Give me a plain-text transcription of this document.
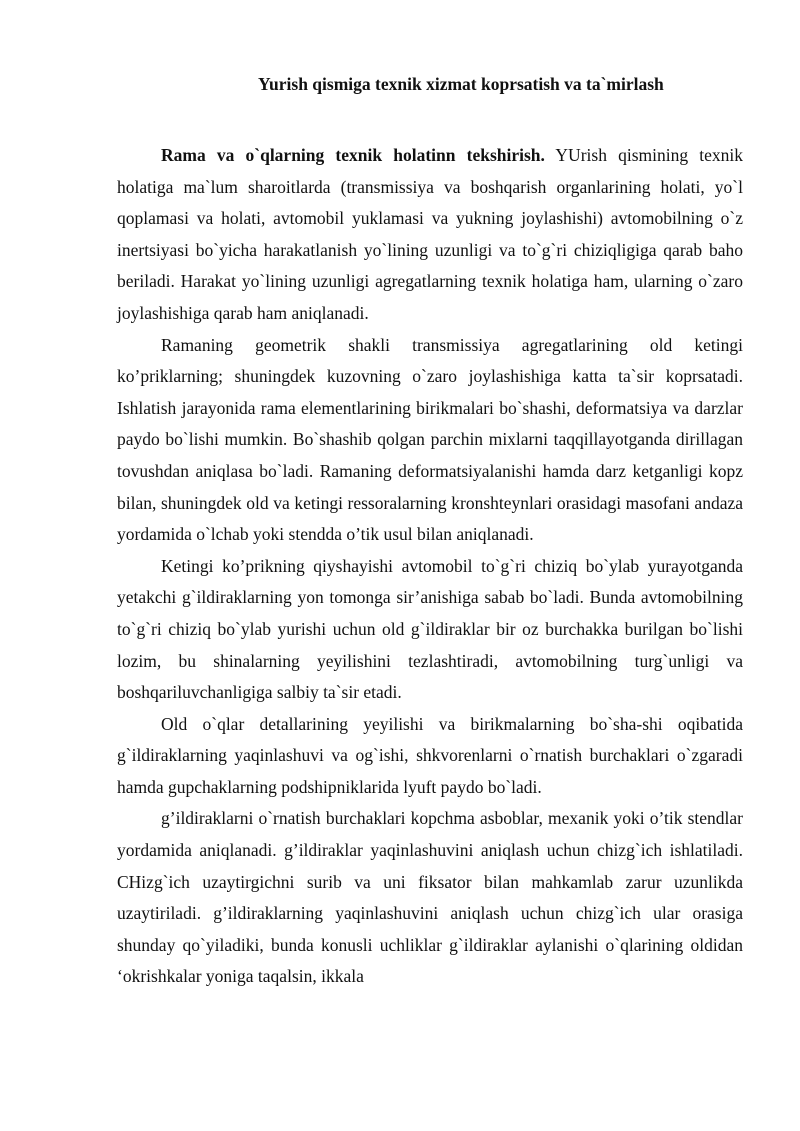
Yurish qismiga texnik xizmat koprsatish va ta`mirlash

Rama va o`qlarning texnik holatinn tekshirish. YUrish qismining texnik holatiga ma`lum sharoitlarda (transmissiya va boshqarish organlarining holati, yo`l qoplamasi va holati, avtomobil yuklamasi va yukning joylashishi) avtomobilning o`z inertsiyasi bo`yicha harakatlanish yo`lining uzunligi va to`g`ri chiziqligiga qarab baho beriladi. Harakat yo`lining uzunligi agregatlarning texnik holatiga ham, ularning o`zaro joylashishiga qarab ham aniqlanadi.

Ramaning geometrik shakli transmissiya agregatlarining old ketingi ko’priklarning; shuningdek kuzovning o`zaro joylashishiga katta ta`sir koprsatadi. Ishlatish jarayonida rama elementlarining birikmalari bo`shashi, deformatsiya va darzlar paydo bo`lishi mumkin. Bo`shashib qolgan parchin mixlarni taqqillayotganda dirillagan tovushdan aniqlasa bo`ladi. Ramaning deformatsiyalanishi hamda darz ketganligi kopz bilan, shuningdek old va ketingi ressoralarning kronshteynlari orasidagi masofani andaza yordamida o`lchab yoki stendda o’tik usul bilan aniqlanadi.

Ketingi ko’prikning qiyshayishi avtomobil to`g`ri chiziq bo`ylab yurayotganda yetakchi g`ildiraklarning yon tomonga sir’anishiga sabab bo`ladi. Bunda avtomobilning to`g`ri chiziq bo`ylab yurishi uchun old g`ildiraklar bir oz burchakka burilgan bo`lishi lozim, bu shinalarning yeyilishini tezlashtiradi, avtomobilning turg`unligi va boshqariluvchanligiga salbiy ta`sir etadi.

Old o`qlar detallarining yeyilishi va birikmalarning bo`sha-shi oqibatida g`ildiraklarning yaqinlashuvi va og`ishi, shkvorenlarni o`rnatish burchaklari o`zgaradi hamda gupchaklarning podshipniklarida lyuft paydo bo`ladi.

g’ildiraklarni o`rnatish burchaklari kopchma asboblar, mexanik yoki o’tik stendlar yordamida aniqlanadi. g’ildiraklar yaqinlashuvini aniqlash uchun chizg`ich ishlatiladi. CHizg`ich uzaytirgichni surib va uni fiksator bilan mahkamlab zarur uzunlikda uzaytiriladi. g’ildiraklarning yaqinlashuvini aniqlash uchun chizg`ich ular orasiga shunday qo`yiladiki, bunda konusli uchliklar g`ildiraklar aylanishi o`qlarining oldidan ‘okrishkalar yoniga taqalsin, ikkala
